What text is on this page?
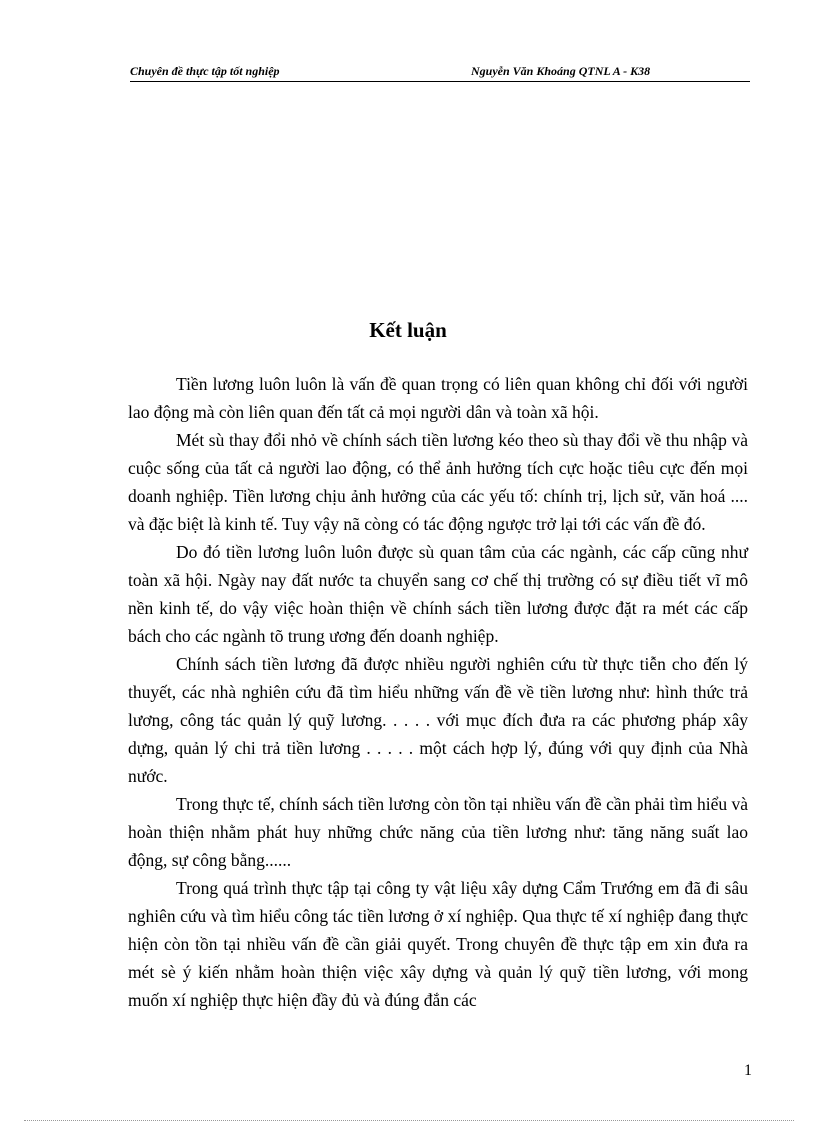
Chuyên đề thực tập tốt nghiệp	Nguyễn Văn Khoáng QTNL A - K38
Kết luận

Tiền lương luôn luôn là vấn đề quan trọng có liên quan không chỉ đối với người lao động mà còn liên quan đến tất cả mọi người dân và toàn xã hội.

Mét sù thay đổi nhỏ về chính sách tiền lương kéo theo sù thay đổi về thu nhập và cuộc sống của tất cả người lao động, có thể ảnh hưởng tích cực hoặc tiêu cực đến mọi doanh nghiệp. Tiền lương chịu ảnh hưởng của các yếu tố: chính trị, lịch sử, văn hoá .... và đặc biệt là kinh tế. Tuy vậy nã còng có tác động ngược trở lại tới các vấn đề đó.

Do đó tiền lương luôn luôn được sù quan tâm của các ngành, các cấp cũng như toàn xã hội. Ngày nay đất nước ta chuyển sang cơ chế thị trường có sự điều tiết vĩ mô nền kinh tế, do vậy việc hoàn thiện về chính sách tiền lương được đặt ra mét các cấp bách cho các ngành tõ trung ương đến doanh nghiệp.

Chính sách tiền lương đã được nhiều người nghiên cứu từ thực tiễn cho đến lý thuyết, các nhà nghiên cứu đã tìm hiểu những vấn đề về tiền lương như: hình thức trả lương, công tác quản lý quỹ lương. . . . . với mục đích đưa ra các phương pháp xây dựng, quản lý chi trả tiền lương . . . . . một cách hợp lý, đúng với quy định của Nhà nước.

Trong thực tế, chính sách tiền lương còn tồn tại nhiều vấn đề cần phải tìm hiểu và hoàn thiện nhằm phát huy những chức năng của tiền lương như: tăng năng suất lao động, sự công bằng......

Trong quá trình thực tập tại công ty vật liệu xây dựng Cẩm Trướng em đã đi sâu nghiên cứu và tìm hiểu công tác tiền lương ở xí nghiệp. Qua thực tế xí nghiệp đang thực hiện còn tồn tại nhiều vấn đề cần giải quyết. Trong chuyên đề thực tập em xin đưa ra mét sè ý kiến nhằm hoàn thiện việc xây dựng và quản lý quỹ tiền lương, với mong muốn xí nghiệp thực hiện đầy đủ và đúng đắn các

1
